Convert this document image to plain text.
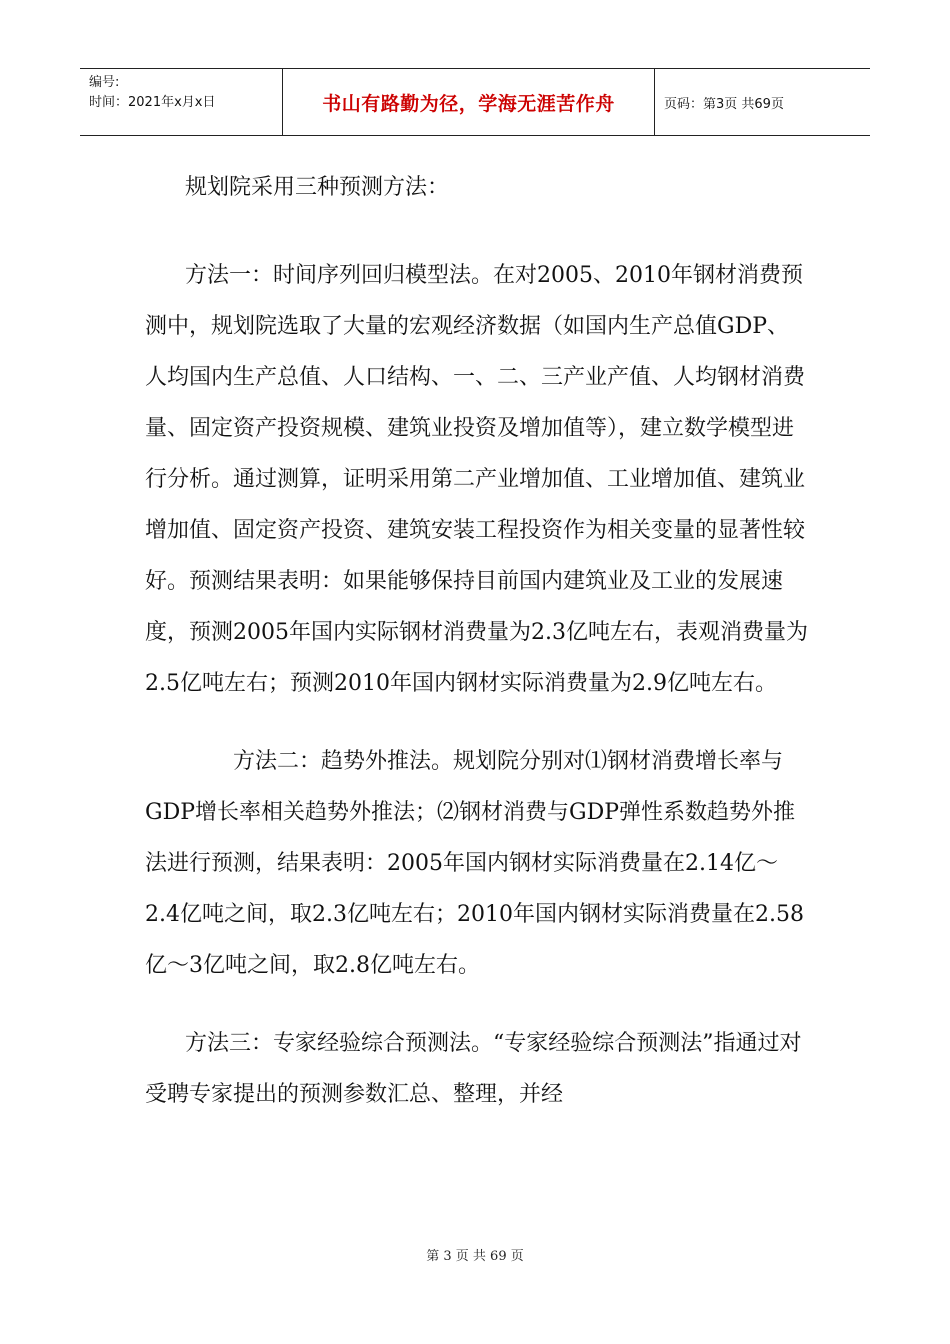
编号:
时间：2021年x月x日	书山有路勤为径，学海无涯苦作舟	页码：第3页 共69页

规划院采用三种预测方法：

方法一：时间序列回归模型法。在对2005、2010年钢材消费预测中，规划院选取了大量的宏观经济数据（如国内生产总值GDP、人均国内生产总值、人口结构、一、二、三产业产值、人均钢材消费量、固定资产投资规模、建筑业投资及增加值等），建立数学模型进行分析。通过测算，证明采用第二产业增加值、工业增加值、建筑业增加值、固定资产投资、建筑安装工程投资作为相关变量的显著性较好。预测结果表明：如果能够保持目前国内建筑业及工业的发展速度，预测2005年国内实际钢材消费量为2.3亿吨左右，表观消费量为2.5亿吨左右；预测2010年国内钢材实际消费量为2.9亿吨左右。

方法二：趋势外推法。规划院分别对⑴钢材消费增长率与GDP增长率相关趋势外推法；⑵钢材消费与GDP弹性系数趋势外推法进行预测，结果表明：2005年国内钢材实际消费量在2.14亿～2.4亿吨之间，取2.3亿吨左右；2010年国内钢材实际消费量在2.58亿～3亿吨之间，取2.8亿吨左右。

方法三：专家经验综合预测法。“专家经验综合预测法”指通过对受聘专家提出的预测参数汇总、整理，并经

第 3 页 共 69 页
